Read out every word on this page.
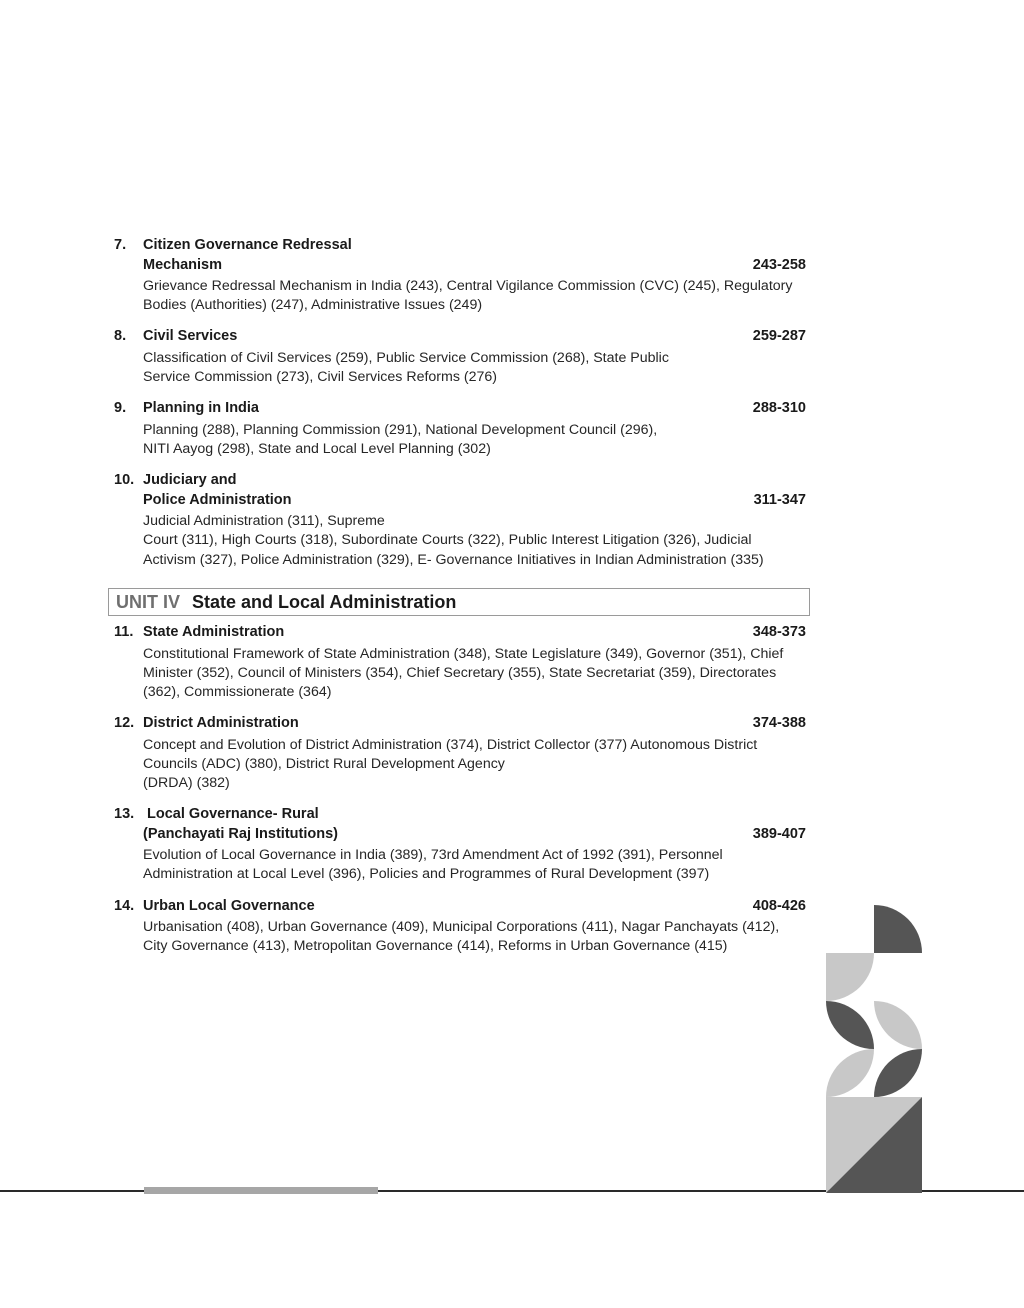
7.	Citizen Governance Redressal
Mechanism	243-258
Grievance Redressal Mechanism in India (243), Central Vigilance Commission (CVC) (245), Regulatory
Bodies (Authorities) (247), Administrative Issues (249)
8.	Civil Services	259-287
Classification of Civil Services (259), Public Service Commission (268), State Public
Service Commission (273), Civil Services Reforms (276)
9.	Planning in India	288-310
Planning (288), Planning Commission (291), National Development Council (296),
NITI Aayog (298), State and Local Level Planning (302)
10. Judiciary and
Police Administration	311-347
Judicial Administration (311), Supreme
Court (311), High Courts (318), Subordinate Courts (322), Public Interest Litigation (326), Judicial
Activism (327), Police Administration (329), E- Governance Initiatives in Indian Administration (335)
UNIT IV State and Local Administration
11. State Administration	348-373
Constitutional Framework of State Administration (348), State Legislature (349), Governor (351), Chief
Minister (352), Council of Ministers (354), Chief Secretary (355), State Secretariat (359), Directorates
(362), Commissionerate (364)
12. District Administration	374-388
Concept and Evolution of District Administration (374), District Collector (377) Autonomous District
Councils (ADC) (380), District Rural Development Agency
(DRDA) (382)
13. Local Governance- Rural
(Panchayati Raj Institutions)	389-407
Evolution of Local Governance in India (389), 73rd Amendment Act of 1992 (391), Personnel
Administration at Local Level (396), Policies and Programmes of Rural Development (397)
14. Urban Local Governance	408-426
Urbanisation (408), Urban Governance (409), Municipal Corporations (411), Nagar Panchayats (412),
City Governance (413), Metropolitan Governance (414), Reforms in Urban Governance (415)
